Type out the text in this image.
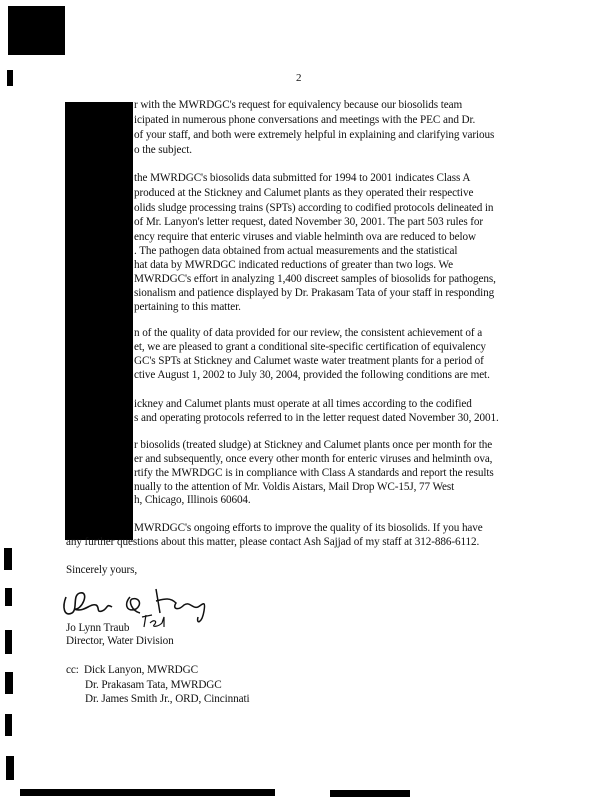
2
r with the MWRDGC's request for equivalency because our biosolids team
icipated in numerous phone conversations and meetings with the PEC and Dr.
of your staff, and both were extremely helpful in explaining and clarifying various
o the subject.
the MWRDGC's biosolids data submitted for 1994 to 2001 indicates Class A
produced at the Stickney and Calumet plants as they operated their respective
olids sludge processing trains (SPTs) according to codified protocols delineated in
of Mr. Lanyon's letter request, dated November 30, 2001. The part 503 rules for
ency require that enteric viruses and viable helminth ova are reduced to below
. The pathogen data obtained from actual measurements and the statistical
hat data by MWRDGC indicated reductions of greater than two logs. We
MWRDGC's effort in analyzing 1,400 discreet samples of biosolids for pathogens,
sionalism and patience displayed by Dr. Prakasam Tata of your staff in responding
pertaining to this matter.
n of the quality of data provided for our review, the consistent achievement of a
et, we are pleased to grant a conditional site-specific certification of equivalency
GC's SPTs at Stickney and Calumet waste water treatment plants for a period of
ctive August 1, 2002 to July 30, 2004, provided the following conditions are met.
ickney and Calumet plants must operate at all times according to the codified
s and operating protocols referred to in the letter request dated November 30, 2001.
r biosolids (treated sludge) at Stickney and Calumet plants once per month for the
er and subsequently, once every other month for enteric viruses and helminth ova,
rtify the MWRDGC is in compliance with Class A standards and report the results
nually to the attention of Mr. Voldis Aistars, Mail Drop WC-15J, 77 West
h, Chicago, Illinois 60604.
MWRDGC's ongoing efforts to improve the quality of its biosolids. If you have
any further questions about this matter, please contact Ash Sajjad of my staff at 312-886-6112.
Sincerely yours,
Jo Lynn Traub
Director, Water Division
cc: Dick Lanyon, MWRDGC
Dr. Prakasam Tata, MWRDGC
Dr. James Smith Jr., ORD, Cincinnati
